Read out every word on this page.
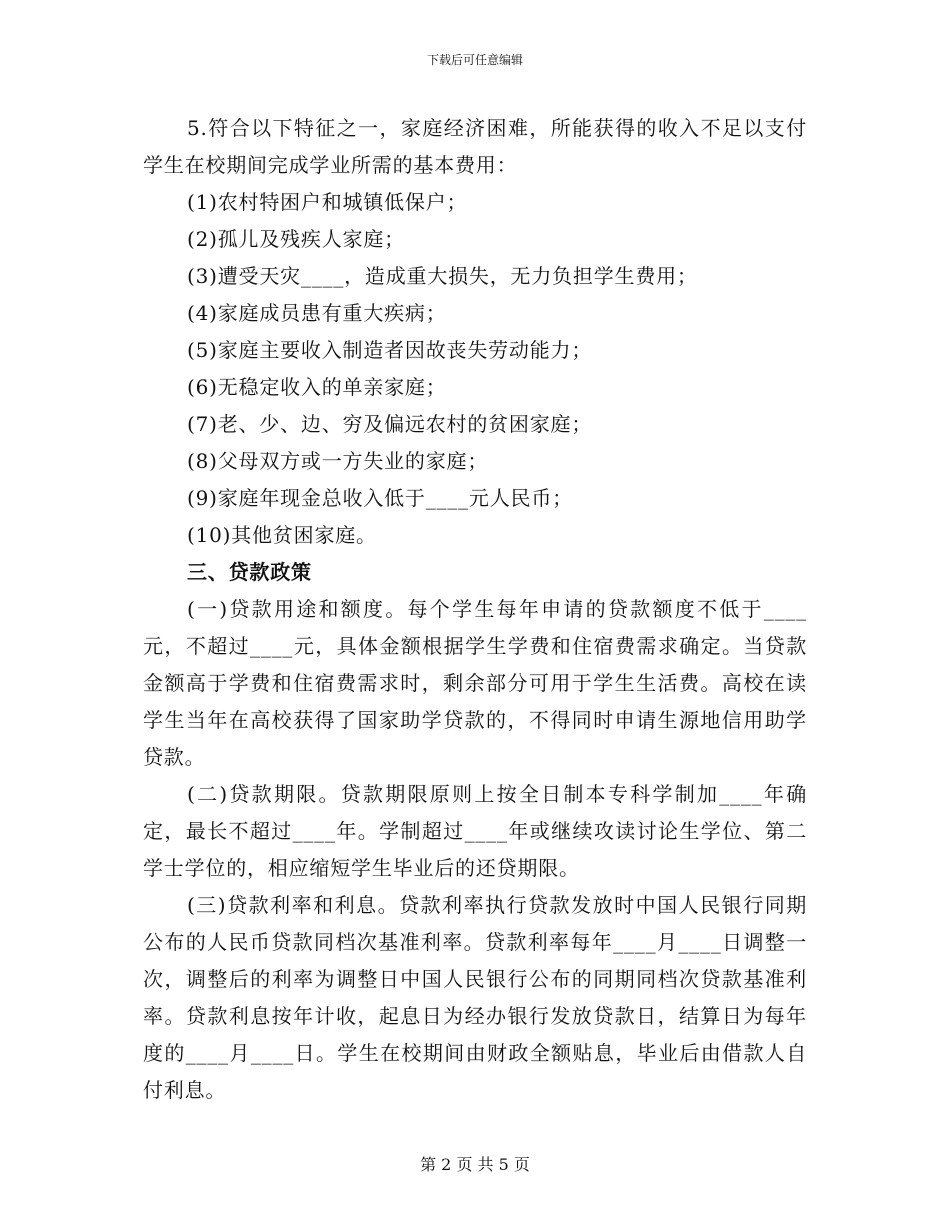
下载后可任意编辑

5.符合以下特征之一，家庭经济困难，所能获得的收入不足以支付学生在校期间完成学业所需的基本费用：

(1)农村特困户和城镇低保户；

(2)孤儿及残疾人家庭；

(3)遭受天灾____，造成重大损失，无力负担学生费用；

(4)家庭成员患有重大疾病；

(5)家庭主要收入制造者因故丧失劳动能力；

(6)无稳定收入的单亲家庭；

(7)老、少、边、穷及偏远农村的贫困家庭；

(8)父母双方或一方失业的家庭；

(9)家庭年现金总收入低于____元人民币；

(10)其他贫困家庭。

三、贷款政策

(一)贷款用途和额度。每个学生每年申请的贷款额度不低于____元，不超过____元，具体金额根据学生学费和住宿费需求确定。当贷款金额高于学费和住宿费需求时，剩余部分可用于学生生活费。高校在读学生当年在高校获得了国家助学贷款的，不得同时申请生源地信用助学贷款。

(二)贷款期限。贷款期限原则上按全日制本专科学制加____年确定，最长不超过____年。学制超过____年或继续攻读讨论生学位、第二学士学位的，相应缩短学生毕业后的还贷期限。

(三)贷款利率和利息。贷款利率执行贷款发放时中国人民银行同期公布的人民币贷款同档次基准利率。贷款利率每年____月____日调整一次，调整后的利率为调整日中国人民银行公布的同期同档次贷款基准利率。贷款利息按年计收，起息日为经办银行发放贷款日，结算日为每年度的____月____日。学生在校期间由财政全额贴息，毕业后由借款人自付利息。

第 2 页 共 5 页
